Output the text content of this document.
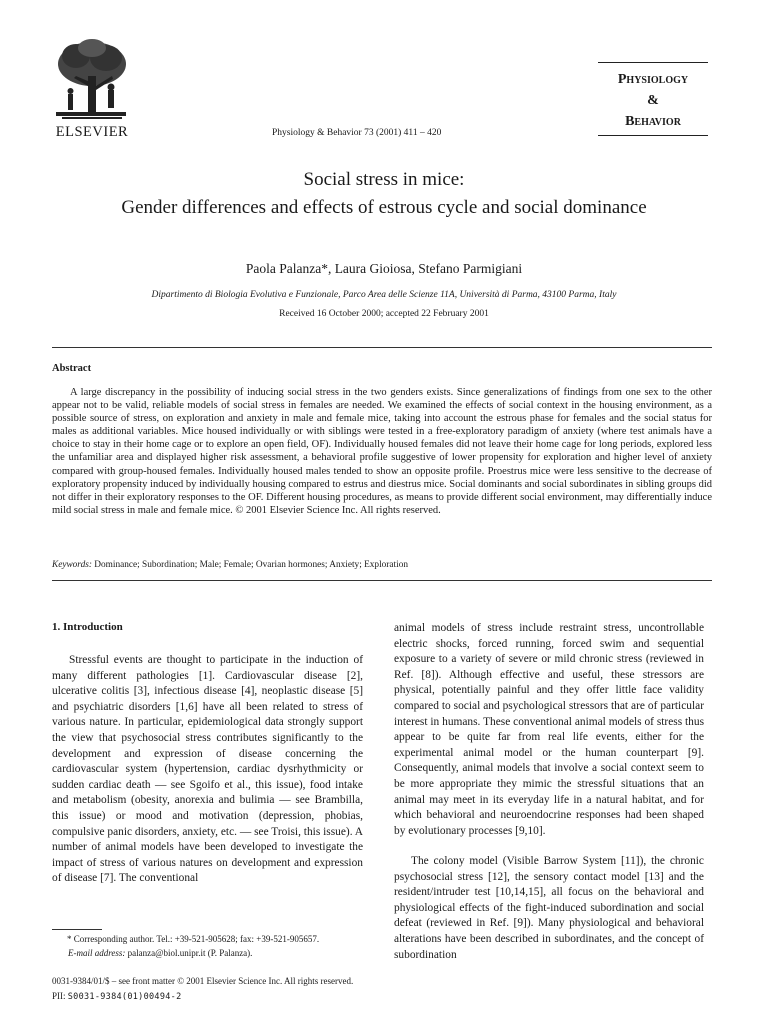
ELSEVIER	Physiology & Behavior 73 (2001) 411 – 420
Physiology
&
Behavior
Social stress in mice:
Gender differences and effects of estrous cycle and social dominance
Paola Palanza*, Laura Gioiosa, Stefano Parmigiani
Dipartimento di Biologia Evolutiva e Funzionale, Parco Area delle Scienze 11A, Università di Parma, 43100 Parma, Italy
Received 16 October 2000; accepted 22 February 2001
Abstract

A large discrepancy in the possibility of inducing social stress in the two genders exists. Since generalizations of findings from one sex to the other appear not to be valid, reliable models of social stress in females are needed. We examined the effects of social context in the housing environment, as a possible source of stress, on exploration and anxiety in male and female mice, taking into account the estrous phase for females and the social status for males as additional variables. Mice housed individually or with siblings were tested in a free-exploratory paradigm of anxiety (where test animals have a choice to stay in their home cage or to explore an open field, OF). Individually housed females did not leave their home cage for long periods, explored less the unfamiliar area and displayed higher risk assessment, a behavioral profile suggestive of lower propensity for exploration and higher level of anxiety compared with group-housed females. Individually housed males tended to show an opposite profile. Proestrus mice were less sensitive to the decrease of exploratory propensity induced by individually housing compared to estrus and diestrus mice. Social dominants and social subordinates in sibling groups did not differ in their exploratory responses to the OF. Different housing procedures, as means to provide different social environment, may differentially induce mild social stress in male and female mice. © 2001 Elsevier Science Inc. All rights reserved.

Keywords: Dominance; Subordination; Male; Female; Ovarian hormones; Anxiety; Exploration
1. Introduction

Stressful events are thought to participate in the induction of many different pathologies [1]. Cardiovascular disease [2], ulcerative colitis [3], infectious disease [4], neoplastic disease [5] and psychiatric disorders [1,6] have all been related to stress of various nature. In particular, epidemiological data strongly support the view that psychosocial stress contributes significantly to the development and expression of disease concerning the cardiovascular system (hypertension, cardiac dysrhythmicity or sudden cardiac death — see Sgoifo et al., this issue), food intake and metabolism (obesity, anorexia and bulimia — see Brambilla, this issue) or mood and motivation (depression, phobias, compulsive panic disorders, anxiety, etc. — see Troisi, this issue). A number of animal models have been developed to investigate the impact of stress of various natures on development and expression of disease [7]. The conventional

animal models of stress include restraint stress, uncontrollable electric shocks, forced running, forced swim and sequential exposure to a variety of severe or mild chronic stress (reviewed in Ref. [8]). Although effective and useful, these stressors are physical, potentially painful and they offer little face validity compared to social and psychological stressors that are of particular interest in humans. These conventional animal models of stress thus appear to be quite far from real life events, either for the experimental animal model or the human counterpart [9]. Consequently, animal models that involve a social context seem to be more appropriate they mimic the stressful situations that an animal may meet in its everyday life in a natural habitat, and for which behavioral and neuroendocrine responses had been shaped by evolutionary processes [9,10].

The colony model (Visible Barrow System [11]), the chronic psychosocial stress [12], the sensory contact model [13] and the resident/intruder test [10,14,15], all focus on the behavioral and physiological effects of the fight-induced subordination and social defeat (reviewed in Ref. [9]). Many physiological and behavioral alterations have been described in subordinates, and the concept of subordination

* Corresponding author. Tel.: +39-521-905628; fax: +39-521-905657.
E-mail address: palanza@biol.unipr.it (P. Palanza).
0031-9384/01/$ – see front matter © 2001 Elsevier Science Inc. All rights reserved.
PII: S0031-9384(01)00494-2
